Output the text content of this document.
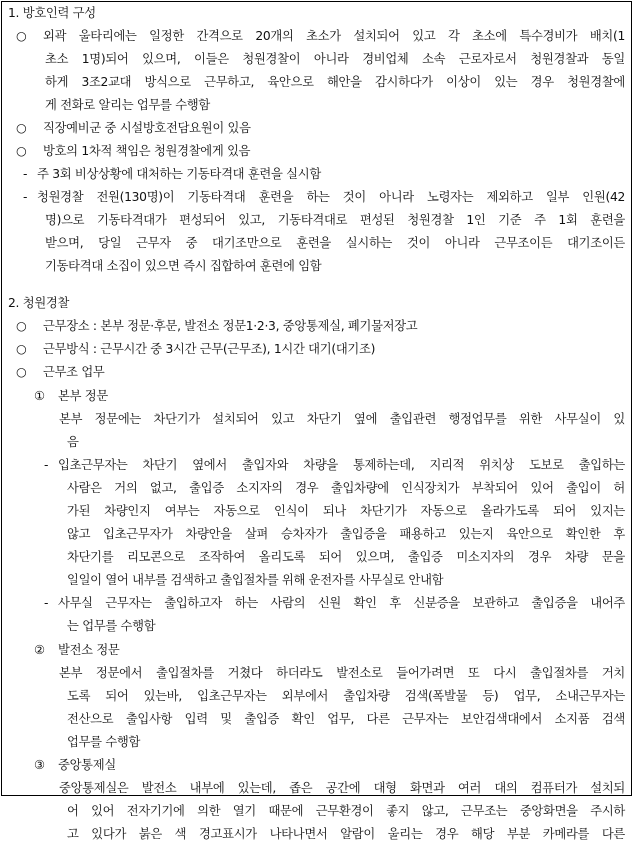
1. 방호인력 구성
○ 외곽 울타리에는 일정한 간격으로 20개의 초소가 설치되어 있고 각 초소에 특수경비가 배치(1
초소 1명)되어 있으며, 이들은 청원경찰이 아니라 경비업체 소속 근로자로서 청원경찰과 동일
하게 3조2교대 방식으로 근무하고, 육안으로 해안을 감시하다가 이상이 있는 경우 청원경찰에
게 전화로 알리는 업무를 수행함
○ 직장예비군 중 시설방호전담요원이 있음
○ 방호의 1차적 책임은 청원경찰에게 있음
- 주 3회 비상상황에 대처하는 기동타격대 훈련을 실시함
- 청원경찰 전원(130명)이 기동타격대 훈련을 하는 것이 아니라 노령자는 제외하고 일부 인원(42
명)으로 기동타격대가 편성되어 있고, 기동타격대로 편성된 청원경찰 1인 기준 주 1회 훈련을
받으며, 당일 근무자 중 대기조만으로 훈련을 실시하는 것이 아니라 근무조이든 대기조이든
기동타격대 소집이 있으면 즉시 집합하여 훈련에 임함
2. 청원경찰
○ 근무장소 : 본부 정문·후문, 발전소 정문1·2·3, 중앙통제실, 폐기물저장고
○ 근무방식 : 근무시간 중 3시간 근무(근무조), 1시간 대기(대기조)
○ 근무조 업무
① 본부 정문
본부 정문에는 차단기가 설치되어 있고 차단기 옆에 출입관련 행정업무를 위한 사무실이 있
음
- 입초근무자는 차단기 옆에서 출입자와 차량을 통제하는데, 지리적 위치상 도보로 출입하는
사람은 거의 없고, 출입증 소지자의 경우 출입차량에 인식장치가 부착되어 있어 출입이 허
가된 차량인지 여부는 자동으로 인식이 되나 차단기가 자동으로 올라가도록 되어 있지는
않고 입초근무자가 차량안을 살펴 승차자가 출입증을 패용하고 있는지 육안으로 확인한 후
차단기를 리모콘으로 조작하여 올리도록 되어 있으며, 출입증 미소지자의 경우 차량 문을
일일이 열어 내부를 검색하고 출입절차를 위해 운전자를 사무실로 안내함
- 사무실 근무자는 출입하고자 하는 사람의 신원 확인 후 신분증을 보관하고 출입증을 내어주
는 업무를 수행함
② 발전소 정문
본부 정문에서 출입절차를 거쳤다 하더라도 발전소로 들어가려면 또 다시 출입절차를 거치
도록 되어 있는바, 입초근무자는 외부에서 출입차량 검색(폭발물 등) 업무, 소내근무자는
전산으로 출입사항 입력 및 출입증 확인 업무, 다른 근무자는 보안검색대에서 소지품 검색
업무를 수행함
③ 중앙통제실
중앙통제실은 발전소 내부에 있는데, 좁은 공간에 대형 화면과 여러 대의 컴퓨터가 설치되
어 있어 전자기기에 의한 열기 때문에 근무환경이 좋지 않고, 근무조는 중앙화면을 주시하
고 있다가 붉은 색 경고표시가 나타나면서 알람이 울리는 경우 해당 부분 카메라를 다른
